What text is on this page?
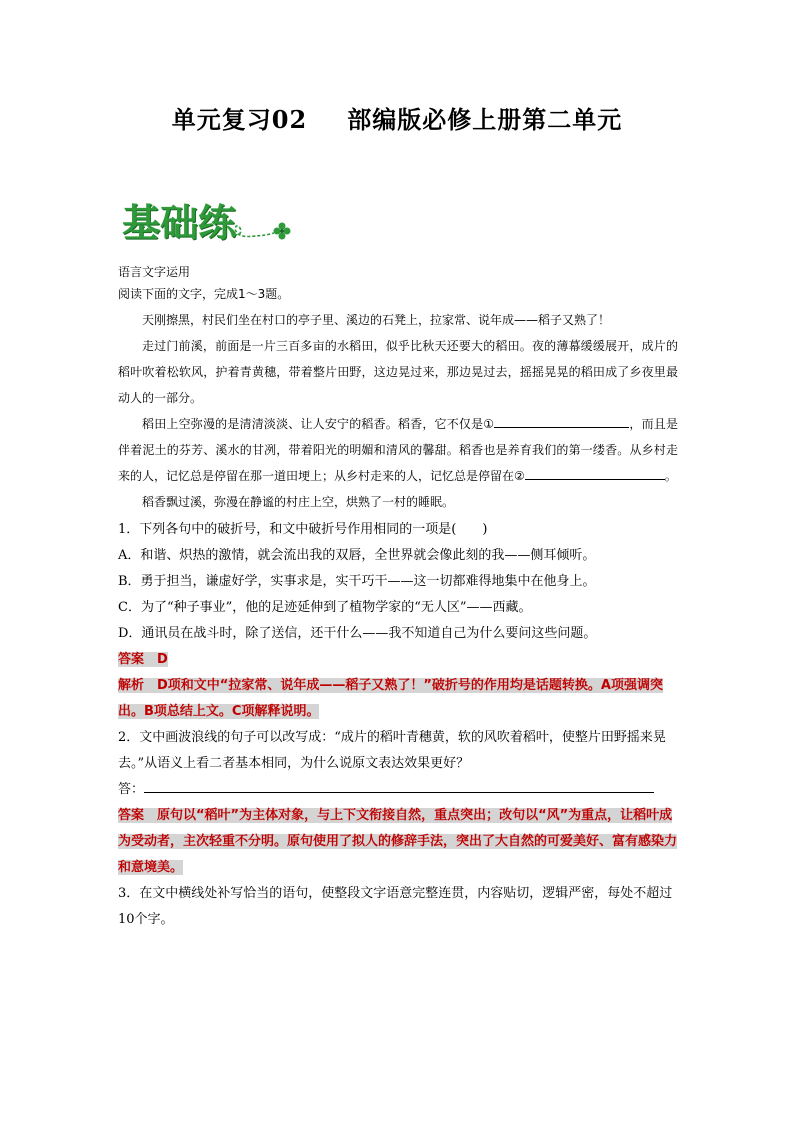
单元复习02 部编版必修上册第二单元
基础练
语言文字运用
阅读下面的文字，完成1～3题。
天刚擦黑，村民们坐在村口的亭子里、溪边的石凳上，拉家常、说年成——稻子又熟了！
走过门前溪，前面是一片三百多亩的水稻田，似乎比秋天还要大的稻田。夜的薄幕缓缓展开，成片的稻叶吹着松软风，护着青黄穗，带着整片田野，这边晃过来，那边晃过去，摇摇晃晃的稻田成了乡夜里最动人的一部分。
稻田上空弥漫的是清清淡淡、让人安宁的稻香。稻香，它不仅是①	，而且是伴着泥土的芬芳、溪水的甘冽，带着阳光的明媚和清风的馨甜。稻香也是养育我们的第一缕香。从乡村走来的人，记忆总是停留在那一道田埂上；从乡村走来的人，记忆总是停留在②	。
稻香飘过溪，弥漫在静谧的村庄上空，烘熟了一村的睡眠。
1．下列各句中的破折号，和文中破折号作用相同的一项是(　　)
A．和谐、炽热的激情，就会流出我的双唇，全世界就会像此刻的我——侧耳倾听。
B．勇于担当，谦虚好学，实事求是，实干巧干——这一切都难得地集中在他身上。
C．为了“种子事业”，他的足迹延伸到了植物学家的“无人区”——西藏。
D．通讯员在战斗时，除了送信，还干什么——我不知道自己为什么要问这些问题。
答案　D
解析　D项和文中“拉家常、说年成——稻子又熟了！”破折号的作用均是话题转换。A项强调突出。B项总结上文。C项解释说明。
2．文中画波浪线的句子可以改写成：“成片的稻叶青穗黄，软的风吹着稻叶，使整片田野摇来晃去。”从语义上看二者基本相同，为什么说原文表达效果更好？
答：
答案　原句以“稻叶”为主体对象，与上下文衔接自然，重点突出；改句以“风”为重点，让稻叶成为受动者，主次轻重不分明。原句使用了拟人的修辞手法，突出了大自然的可爱美好、富有感染力和意境美。
3．在文中横线处补写恰当的语句，使整段文字语意完整连贯，内容贴切，逻辑严密，每处不超过10个字。
